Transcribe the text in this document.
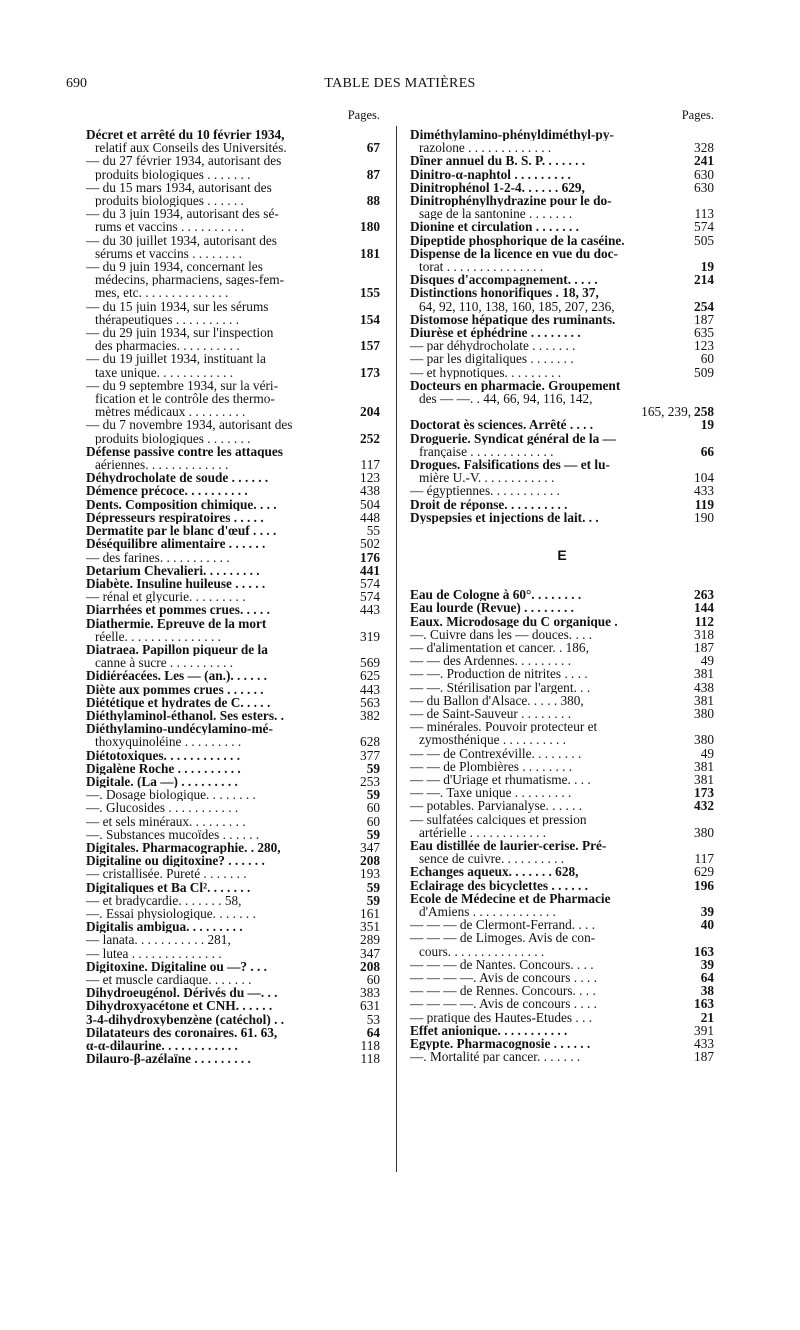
690	TABLE DES MATIÈRES
Pages.
Décret et arrêté du 10 février 1934,
relatif aux Conseils des Universités.	67
— du 27 février 1934, autorisant des
produits biologiques . . . . . . .	87
— du 15 mars 1934, autorisant des
produits biologiques . . . . . .	88
— du 3 juin 1934, autorisant des sé-
rums et vaccins . . . . . . . . . .	180
— du 30 juillet 1934, autorisant des
sérums et vaccins . . . . . . . .	181
— du 9 juin 1934, concernant les
médecins, pharmaciens, sages-fem-
mes, etc. . . . . . . . . . . . . .	155
— du 15 juin 1934, sur les sérums
thérapeutiques . . . . . . . . . .	154
— du 29 juin 1934, sur l'inspection
des pharmacies. . . . . . . . . .	157
— du 19 juillet 1934, instituant la
taxe unique. . . . . . . . . . . .	173
— du 9 septembre 1934, sur la véri-
fication et le contrôle des thermo-
mètres médicaux . . . . . . . . .	204
— du 7 novembre 1934, autorisant des
produits biologiques . . . . . . .	252
Défense passive contre les attaques
aériennes. . . . . . . . . . . . .	117
Déhydrocholate de soude . . . . . .	123
Démence précoce. . . . . . . . . .	438
Dents. Composition chimique. . . .	504
Dépresseurs respiratoires . . . . .	448
Dermatite par le blanc d'œuf . . . .	55
Déséquilibre alimentaire . . . . . .	502
— des farines. . . . . . . . . . .	176
Detarium Chevalieri. . . . . . . . .	441
Diabète. Insuline huileuse . . . . .	574
— rénal et glycurie. . . . . . . . .	574
Diarrhées et pommes crues. . . . .	443
Diathermie. Epreuve de la mort
réelle. . . . . . . . . . . . . . .	319
Diatraea. Papillon piqueur de la
canne à sucre . . . . . . . . . .	569
Didiéréacées. Les — (an.). . . . . .	625
Diète aux pommes crues . . . . . .	443
Diététique et hydrates de C. . . . .	563
Diéthylaminol-éthanol. Ses esters. .	382
Diéthylamino-undécylamino-mé-
thoxyquinoléine . . . . . . . . .	628
Diétotoxiques. . . . . . . . . . . .	377
Digalène Roche . . . . . . . . . .	59
Digitale. (La —) . . . . . . . . .	253
—. Dosage biologique. . . . . . . .	59
—. Glucosides . . . . . . . . . . .	60
— et sels minéraux. . . . . . . . .	60
—. Substances mucoïdes . . . . . .	59
Digitales. Pharmacographie. . 280,	347
Digitaline ou digitoxine? . . . . . .	208
— cristallisée. Pureté . . . . . . .	193
Digitaliques et Ba Cl². . . . . . .	59
— et bradycardie. . . . . . . 58,	59
—. Essai physiologique. . . . . . .	161
Digitalis ambigua. . . . . . . . .	351
— lanata. . . . . . . . . . . 281,	289
— lutea . . . . . . . . . . . . . .	347
Digitoxine. Digitaline ou —? . . .	208
— et muscle cardiaque. . . . . . .	60
Dihydroeugénol. Dérivés du —. . .	383
Dihydroxyacétone et CNH. . . . . .	631
3-4-dihydroxybenzène (catéchol) . .	53
Dilatateurs des coronaires. 61. 63,	64
α-α-dilaurine. . . . . . . . . . . .	118
Dilauro-β-azélaïne . . . . . . . . .	118
Pages.
Diméthylamino-phényldiméthyl-py-
razolone . . . . . . . . . . . . .	328
Dîner annuel du B. S. P. . . . . . .	241
Dinitro-α-naphtol . . . . . . . . .	630
Dinitrophénol 1-2-4. . . . . . 629,	630
Dinitrophénylhydrazine pour le do-
sage de la santonine . . . . . . .	113
Dionine et circulation . . . . . . .	574
Dipeptide phosphorique de la caséine.	505
Dispense de la licence en vue du doc-
torat . . . . . . . . . . . . . . .	19
Disques d'accompagnement. . . . .	214
Distinctions honorifiques . 18, 37,
64, 92, 110, 138, 160, 185, 207, 236,	254
Distomose hépatique des ruminants.	187
Diurèse et éphédrine . . . . . . . .	635
— par déhydrocholate . . . . . . .	123
— par les digitaliques . . . . . . .	60
— et hypnotiques. . . . . . . . .	509
Docteurs en pharmacie. Groupement
des — —. . 44, 66, 94, 116, 142,
165, 239, 258
Doctorat ès sciences. Arrêté . . . .	19
Droguerie. Syndicat général de la —
française . . . . . . . . . . . . .	66
Drogues. Falsifications des — et lu-
mière U.-V. . . . . . . . . . . .	104
— égyptiennes. . . . . . . . . . .	433
Droit de réponse. . . . . . . . . .	119
Dyspepsies et injections de lait. . .	190
E
Eau de Cologne à 60°. . . . . . . .	263
Eau lourde (Revue) . . . . . . . .	144
Eaux. Microdosage du C organique .	112
—. Cuivre dans les — douces. . . .	318
— d'alimentation et cancer. . 186,	187
— — des Ardennes. . . . . . . . .	49
— —. Production de nitrites . . . .	381
— —. Stérilisation par l'argent. . .	438
— du Ballon d'Alsace. . . . . 380,	381
— de Saint-Sauveur . . . . . . . .	380
— minérales. Pouvoir protecteur et
zymosthénique . . . . . . . . . .	380
— — de Contrexéville. . . . . . . .	49
— — de Plombières . . . . . . . .	381
— — d'Uriage et rhumatisme. . . .	381
— —. Taxe unique . . . . . . . . .	173
— potables. Parvianalyse. . . . . .	432
— sulfatées calciques et pression
artérielle . . . . . . . . . . . .	380
Eau distillée de laurier-cerise. Pré-
sence de cuivre. . . . . . . . . .	117
Echanges aqueux. . . . . . . 628,	629
Eclairage des bicyclettes . . . . . .	196
Ecole de Médecine et de Pharmacie
d'Amiens . . . . . . . . . . . . .	39
— — — de Clermont-Ferrand. . . .	40
— — — de Limoges. Avis de con-
cours. . . . . . . . . . . . . . .	163
— — — de Nantes. Concours. . . .	39
— — — —. Avis de concours . . . .	64
— — — de Rennes. Concours. . . .	38
— — — —. Avis de concours . . . .	163
— pratique des Hautes-Etudes . . .	21
Effet anionique. . . . . . . . . . .	391
Egypte. Pharmacognosie . . . . . .	433
—. Mortalité par cancer. . . . . . .	187
